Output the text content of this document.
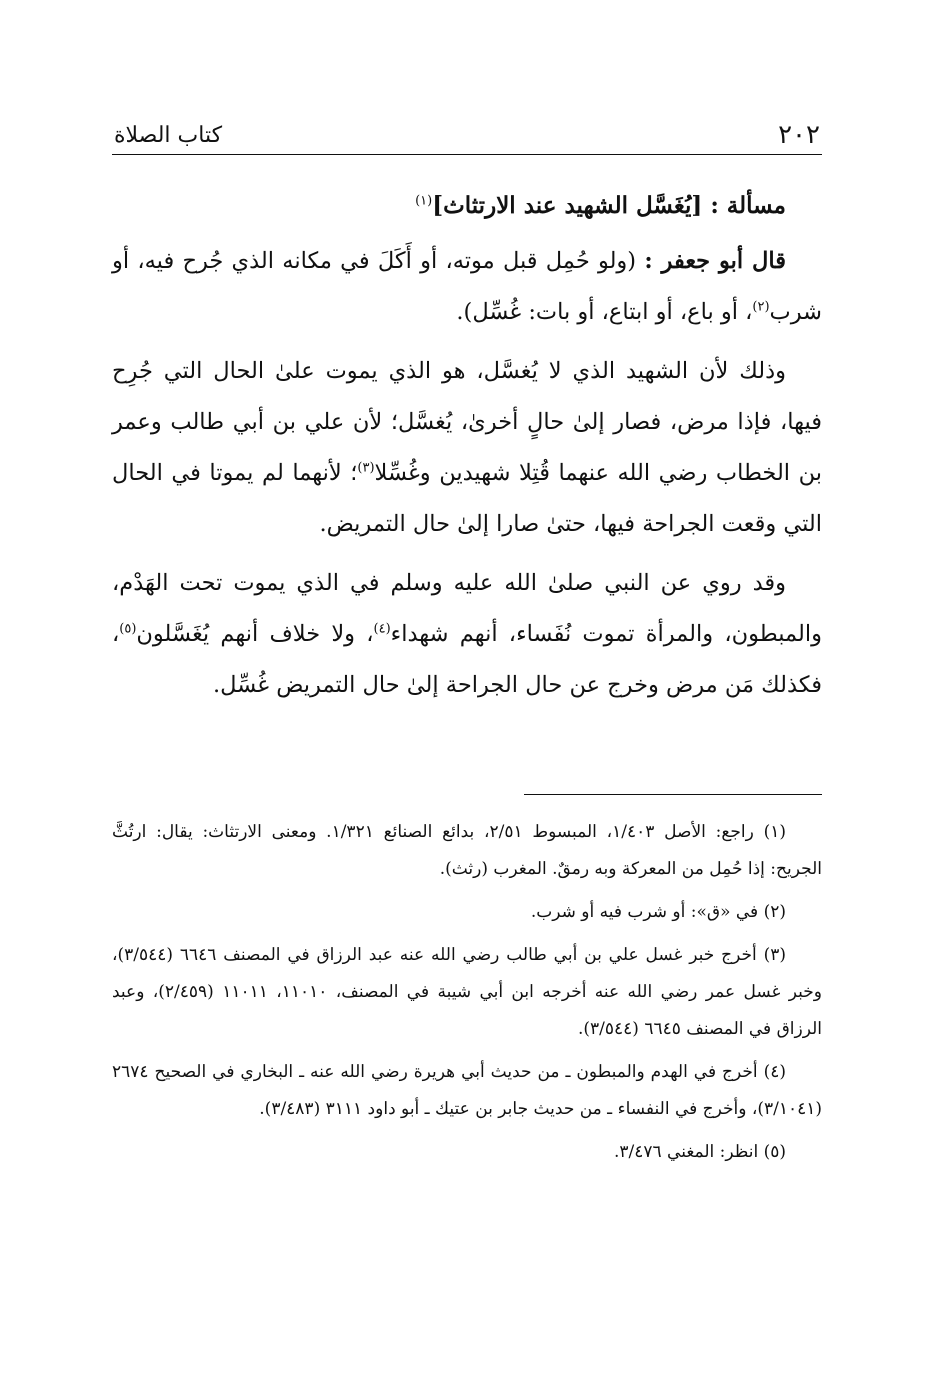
٢٠٢
كتاب الصلاة
مسألة : [يُغَسَّل الشهيد عند الارتثاث]$^{(١)}$

قال أبو جعفر : (ولو حُمِل قبل موته، أو أَكَلَ في مكانه الذي جُرح فيه، أو شرب$^{(٢)}$، أو باع، أو ابتاع، أو بات: غُسِّل).

وذلك لأن الشهيد الذي لا يُغسَّل، هو الذي يموت علىٰ الحال التي جُرِح فيها، فإذا مرض، فصار إلىٰ حالٍ أخرىٰ، يُغسَّل؛ لأن علي بن أبي طالب وعمر بن الخطاب رضي الله عنهما قُتِلا شهيدين وغُسِّلا$^{(٣)}$؛ لأنهما لم يموتا في الحال التي وقعت الجراحة فيها، حتىٰ صارا إلىٰ حال التمريض.

وقد روي عن النبي صلىٰ الله عليه وسلم في الذي يموت تحت الهَدْم، والمبطون، والمرأة تموت نُفَساء، أنهم شهداء$^{(٤)}$، ولا خلاف أنهم يُغَسَّلون$^{(٥)}$، فكذلك مَن مرض وخرج عن حال الجراحة إلىٰ حال التمريض غُسِّل.

(١) راجع: الأصل ١/٤٠٣، المبسوط ٢/٥١، بدائع الصنائع ١/٣٢١. ومعنى الارتثاث: يقال: ارتُثَّ الجريح: إذا حُمِل من المعركة وبه رمقٌ. المغرب (رثث).

(٢) في «ق»: أو شرب فيه أو شرب.

(٣) أخرج خبر غسل علي بن أبي طالب رضي الله عنه عبد الرزاق في المصنف ٦٦٤٦ (٣/٥٤٤)، وخبر غسل عمر رضي الله عنه أخرجه ابن أبي شيبة في المصنف، ١١٠١٠، ١١٠١١ (٢/٤٥٩)، وعبد الرزاق في المصنف ٦٦٤٥ (٣/٥٤٤).

(٤) أخرج في الهدم والمبطون ـ من حديث أبي هريرة رضي الله عنه ـ البخاري في الصحيح ٢٦٧٤ (٣/١٠٤١)، وأخرج في النفساء ـ من حديث جابر بن عتيك ـ أبو داود ٣١١١ (٣/٤٨٣).

(٥) انظر: المغني ٣/٤٧٦.
